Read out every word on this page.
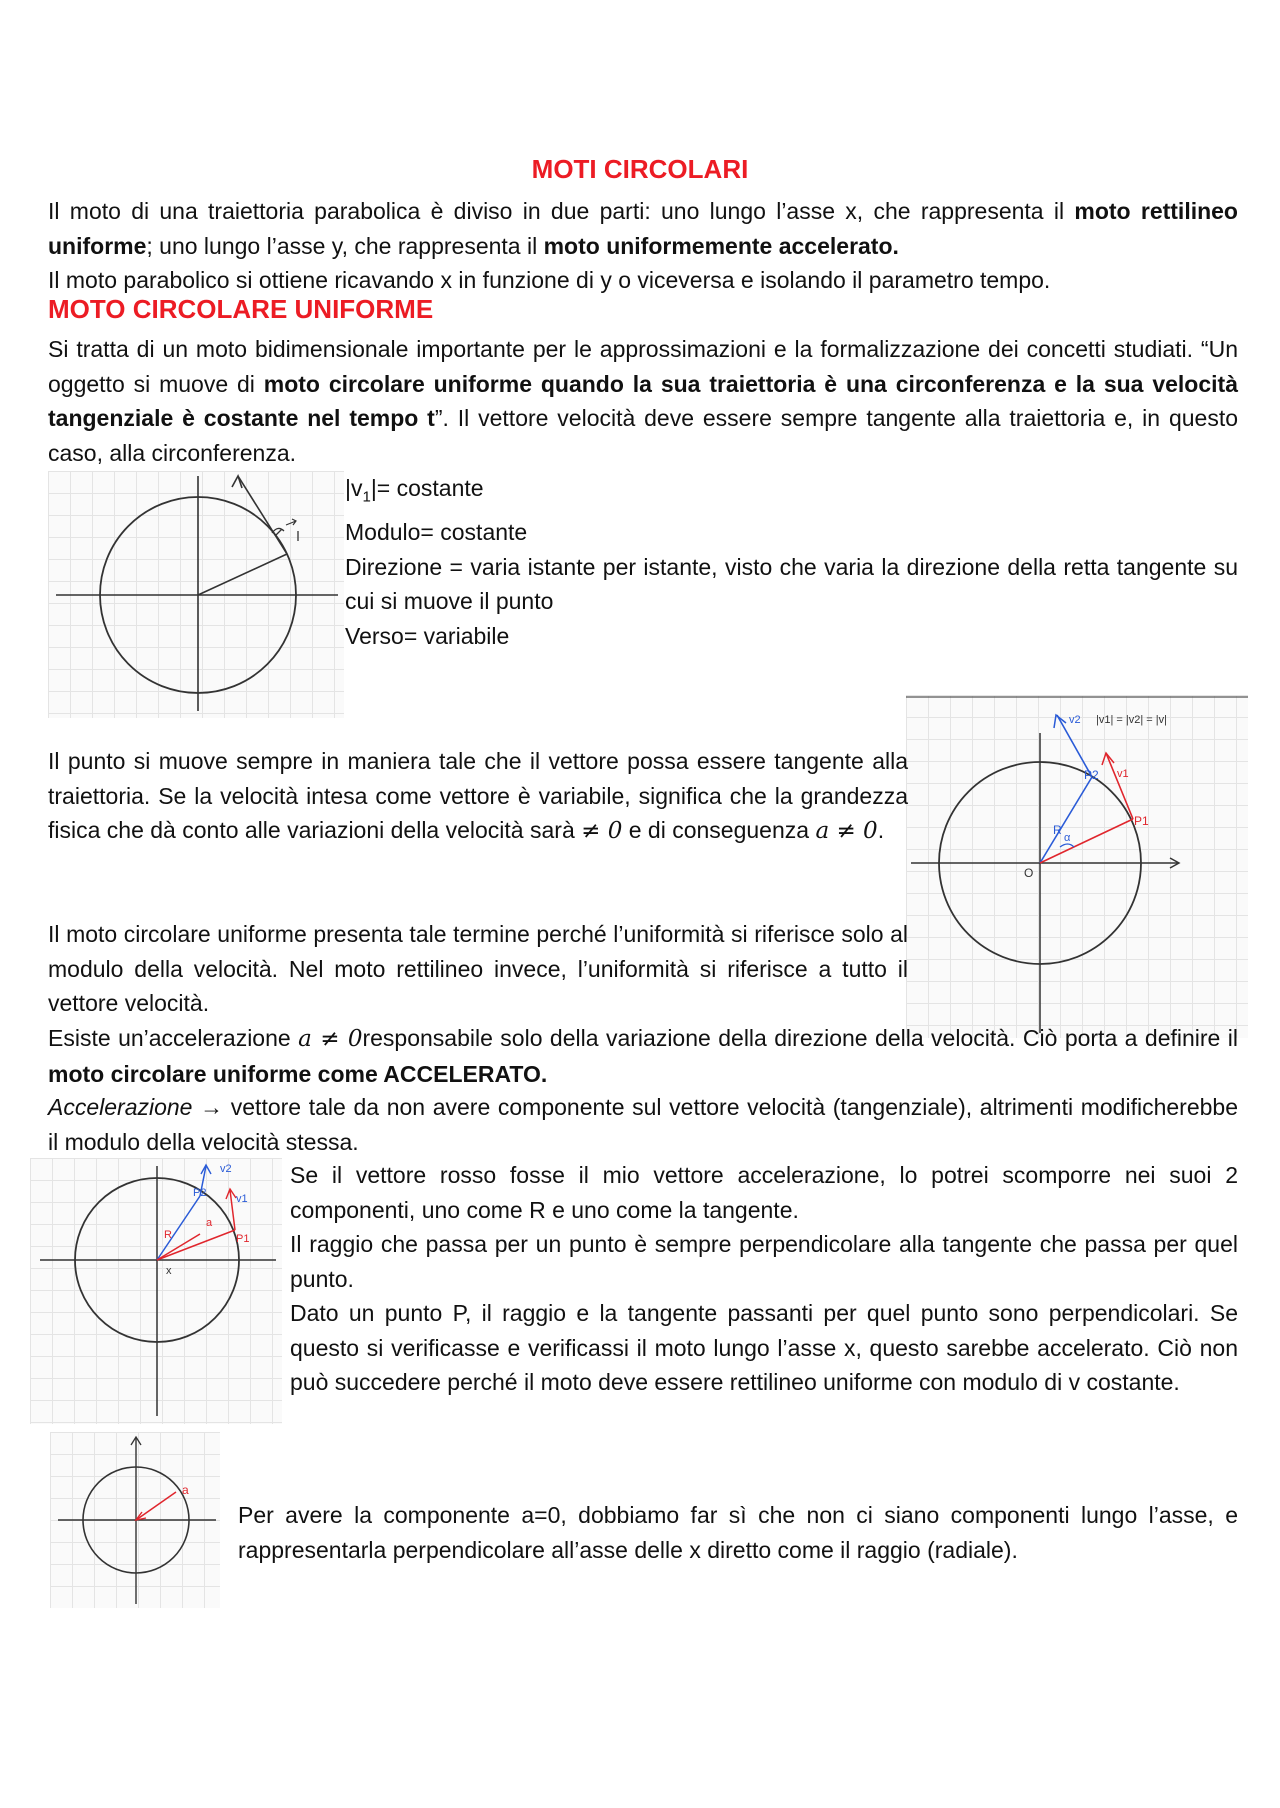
MOTI CIRCOLARI

Il moto di una traiettoria parabolica è diviso in due parti: uno lungo l’asse x, che rappresenta il moto rettilineo uniforme; uno lungo l’asse y, che rappresenta il moto uniformemente accelerato.

Il moto parabolico si ottiene ricavando x in funzione di y o viceversa e isolando il parametro tempo.

MOTO CIRCOLARE UNIFORME

Si tratta di un moto bidimensionale importante per le approssimazioni e la formalizzazione dei concetti studiati. “Un oggetto si muove di moto circolare uniforme quando la sua traiettoria è una circonferenza e la sua velocità tangenziale è costante nel tempo t”. Il vettore velocità deve essere sempre tangente alla traiettoria e, in questo caso, alla circonferenza.

$|v_1|=$ costante
Modulo= costante
Direzione = varia istante per istante, visto che varia la direzione della retta tangente su cui si muove il punto
Verso= variabile
P2
P1
R
α
O
v2
v1
|v1| = |v2| = |v|

Il punto si muove sempre in maniera tale che il vettore possa essere tangente alla traiettoria. Se la velocità intesa come vettore è variabile, significa che la grandezza fisica che dà conto alle variazioni della velocità sarà ≠ 0 e di conseguenza a ≠ 0.

Il moto circolare uniforme presenta tale termine perché l’uniformità si riferisce solo al modulo della velocità. Nel moto rettilineo invece, l’uniformità si riferisce a tutto il vettore velocità.

Esiste un’accelerazione a ≠ 0responsabile solo della variazione della direzione della velocità. Ciò porta a definire il moto circolare uniforme come ACCELERATO.

Accelerazione → vettore tale da non avere componente sul vettore velocità (tangenziale), altrimenti modificherebbe il modulo della velocità stessa.

P2
P1
R
a
v2
v1
x
Se il vettore rosso fosse il mio vettore accelerazione, lo potrei scomporre nei suoi 2 componenti, uno come R e uno come la tangente.
Il raggio che passa per un punto è sempre perpendicolare alla tangente che passa per quel punto.
Dato un punto P, il raggio e la tangente passanti per quel punto sono perpendicolari. Se questo si verificasse e verificassi il moto lungo l’asse x, questo sarebbe accelerato. Ciò non può succedere perché il moto deve essere rettilineo uniforme con modulo di v costante.
a

Per avere la componente a=0, dobbiamo far sì che non ci siano componenti lungo l’asse, e rappresentarla perpendicolare all’asse delle x diretto come il raggio (radiale).
